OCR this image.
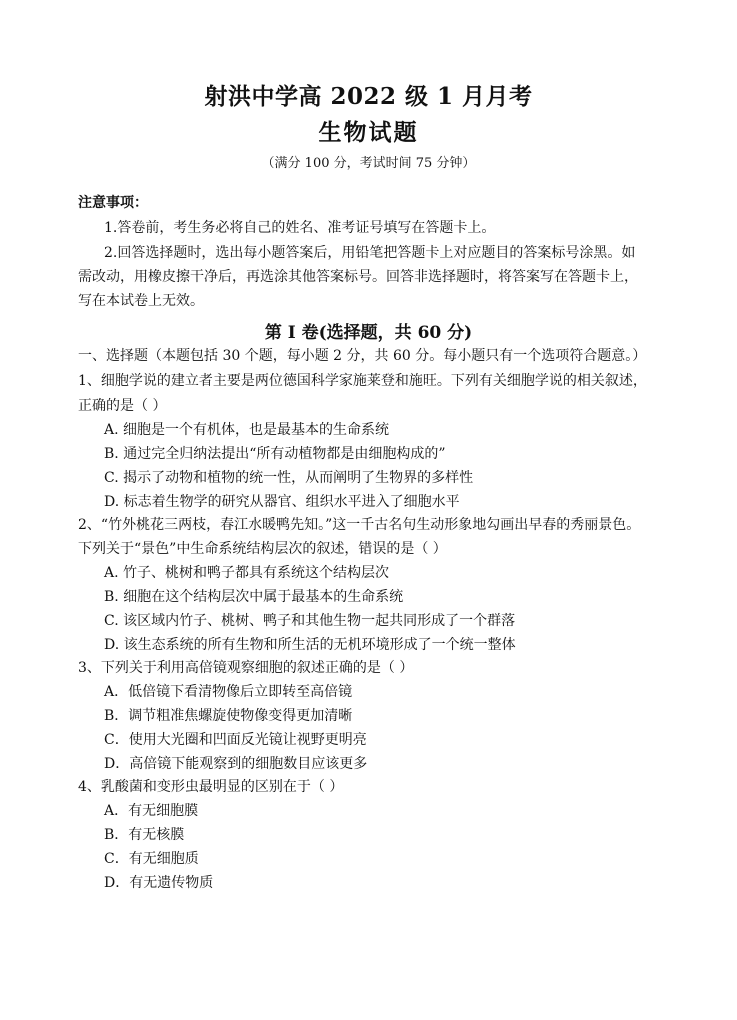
射洪中学高 2022 级 1 月月考
生物试题
（满分 100 分，考试时间 75 分钟）
注意事项：
1.答卷前，考生务必将自己的姓名、准考证号填写在答题卡上。
2.回答选择题时，选出每小题答案后，用铅笔把答题卡上对应题目的答案标号涂黑。如
需改动，用橡皮擦干净后，再选涂其他答案标号。回答非选择题时，将答案写在答题卡上，
写在本试卷上无效。
第 I 卷(选择题，共 60 分)
一、选择题（本题包括 30 个题，每小题 2 分，共 60 分。每小题只有一个选项符合题意。）
1、细胞学说的建立者主要是两位德国科学家施莱登和施旺。下列有关细胞学说的相关叙述，
正确的是（ ）
A. 细胞是一个有机体，也是最基本的生命系统
B. 通过完全归纳法提出“所有动植物都是由细胞构成的”
C. 揭示了动物和植物的统一性，从而阐明了生物界的多样性
D. 标志着生物学的研究从器官、组织水平进入了细胞水平
2、“竹外桃花三两枝，春江水暖鸭先知。”这一千古名句生动形象地勾画出早春的秀丽景色。
下列关于“景色”中生命系统结构层次的叙述，错误的是（ ）
A. 竹子、桃树和鸭子都具有系统这个结构层次
B. 细胞在这个结构层次中属于最基本的生命系统
C. 该区域内竹子、桃树、鸭子和其他生物一起共同形成了一个群落
D. 该生态系统的所有生物和所生活的无机环境形成了一个统一整体
3、下列关于利用高倍镜观察细胞的叙述正确的是（ ）
A．低倍镜下看清物像后立即转至高倍镜
B．调节粗准焦螺旋使物像变得更加清晰
C．使用大光圈和凹面反光镜让视野更明亮
D．高倍镜下能观察到的细胞数目应该更多
4、乳酸菌和变形虫最明显的区别在于（ ）
A．有无细胞膜
B．有无核膜
C．有无细胞质
D．有无遗传物质
